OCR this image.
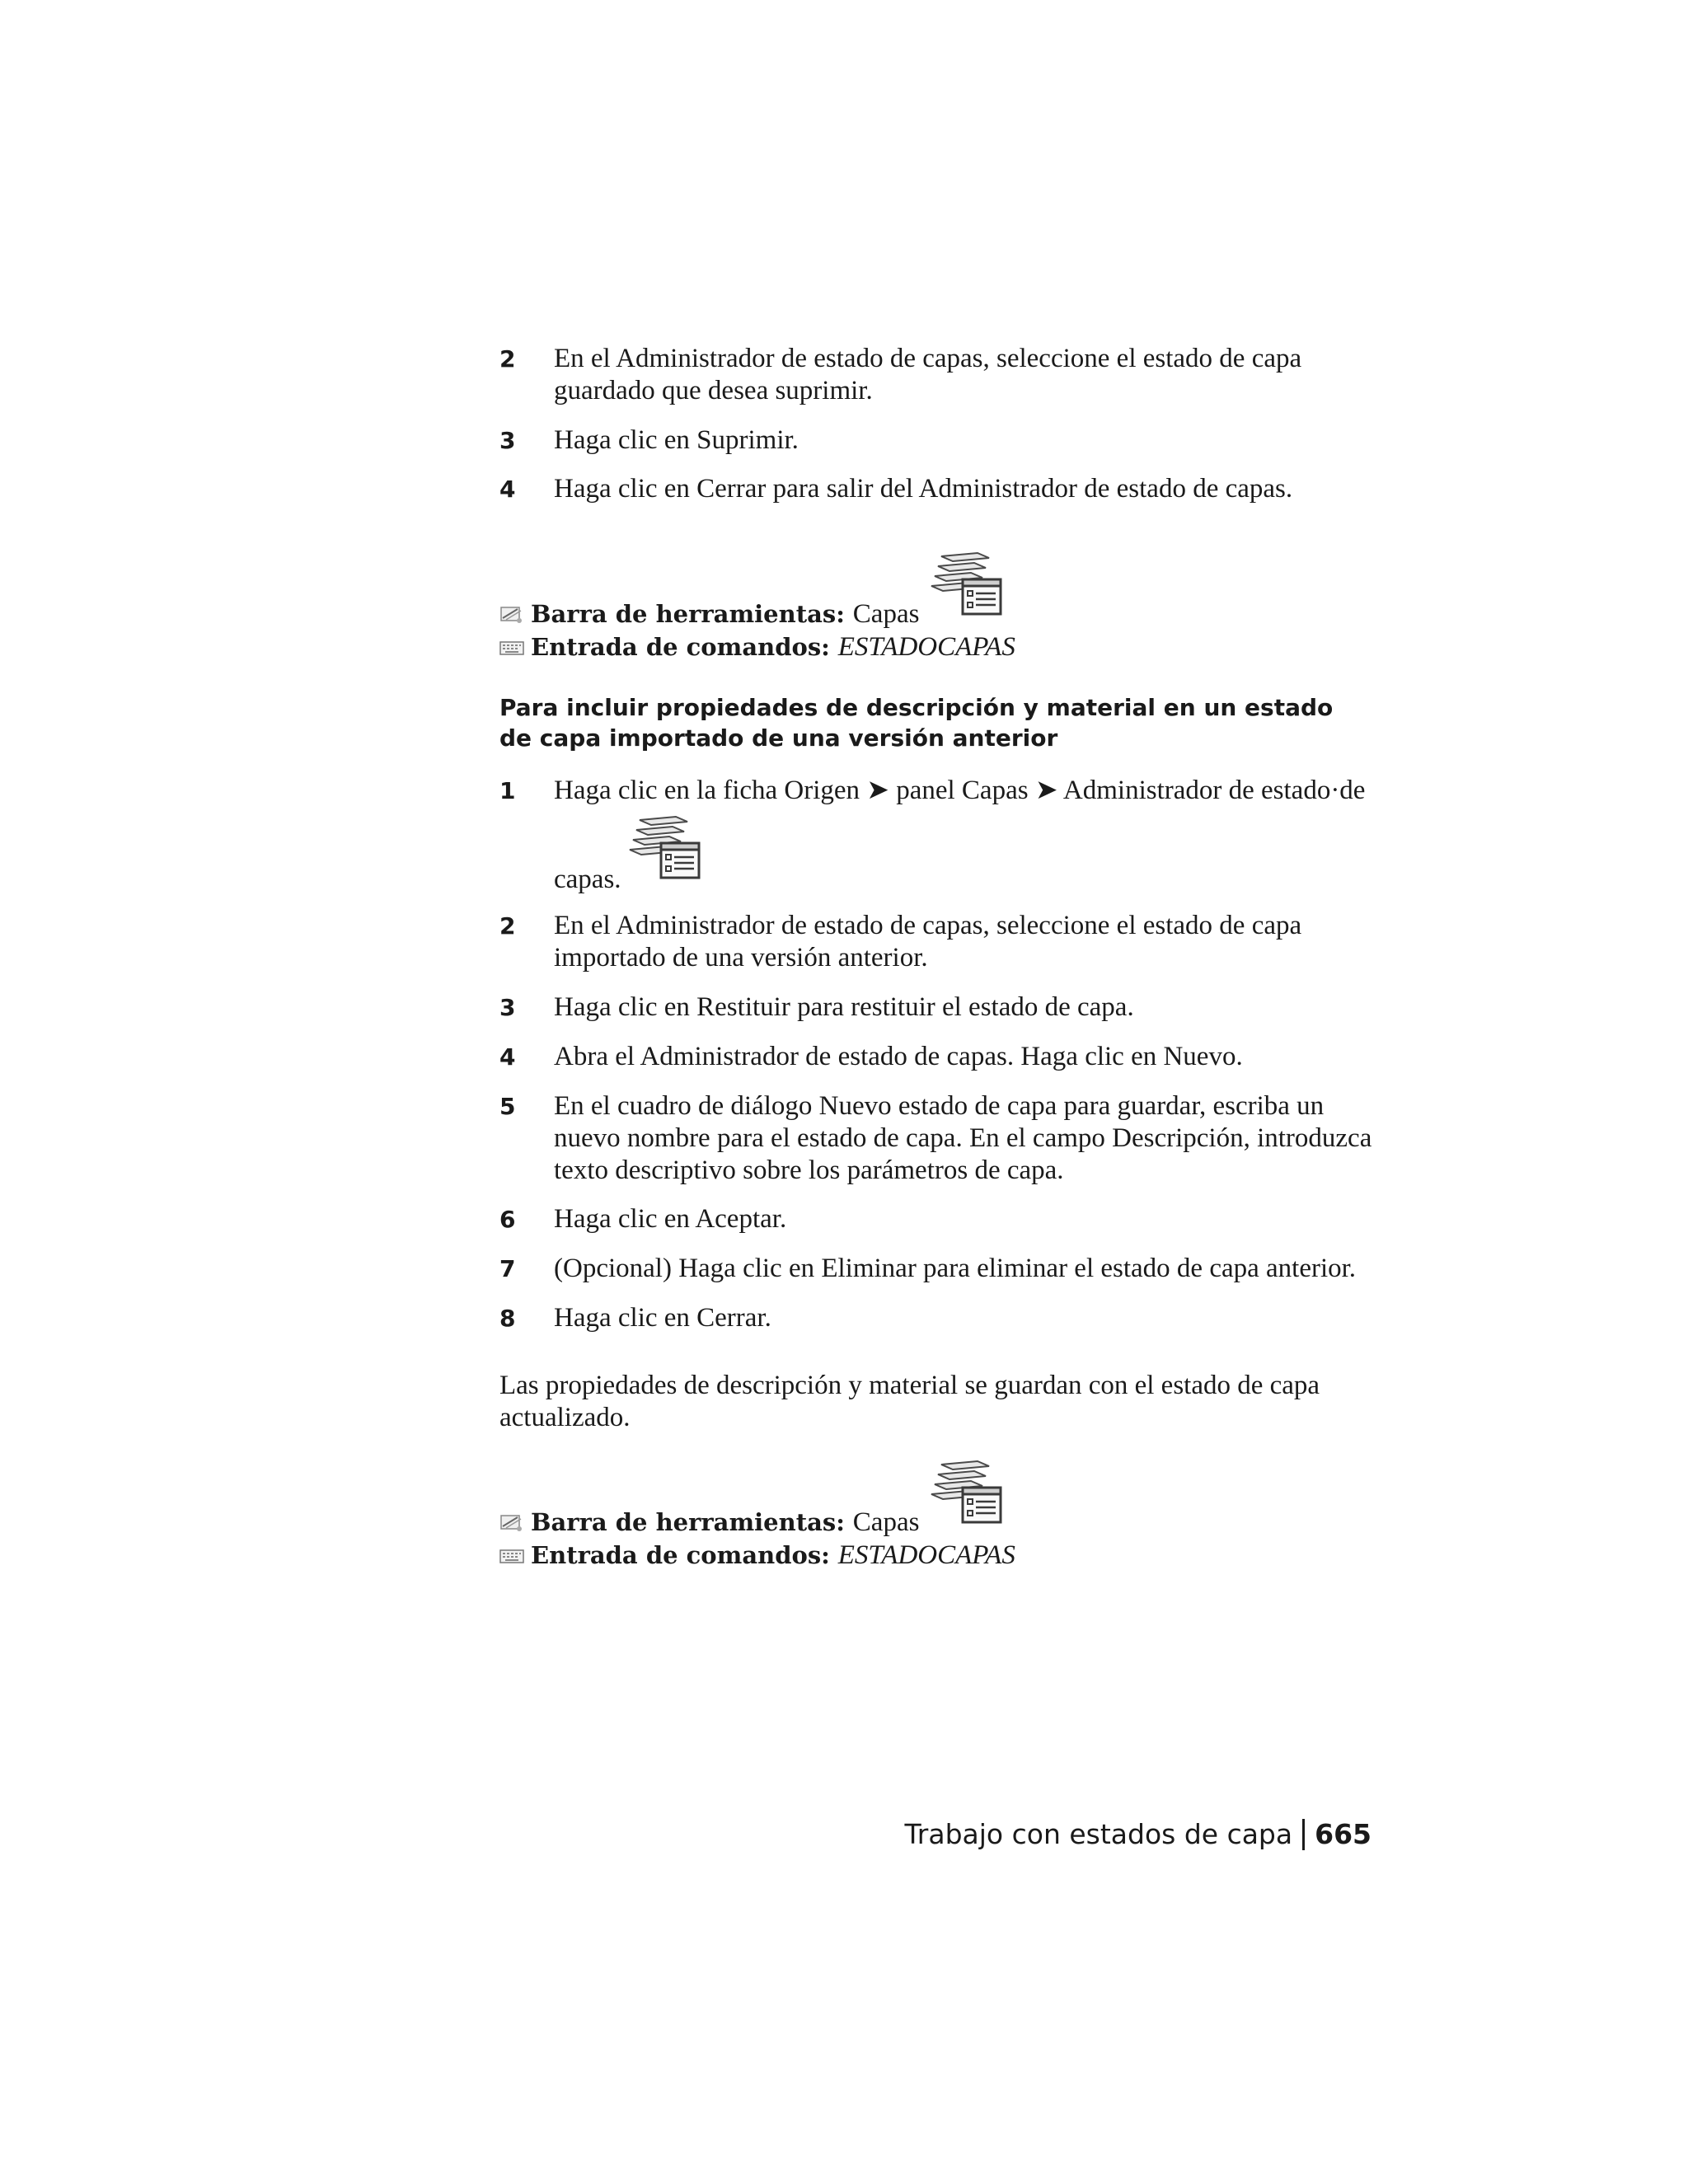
2	En el Administrador de estado de capas, seleccione el estado de capa guardado que desea suprimir.
3	Haga clic en Suprimir.
4	Haga clic en Cerrar para salir del Administrador de estado de capas.
Barra de herramientas: Capas
Entrada de comandos: ESTADOCAPAS
Para incluir propiedades de descripción y material en un estado de capa importado de una versión anterior
1	Haga clic en la ficha Origen ➤ panel Capas ➤ Administrador de estado·de
capas.
2	En el Administrador de estado de capas, seleccione el estado de capa importado de una versión anterior.
3	Haga clic en Restituir para restituir el estado de capa.
4	Abra el Administrador de estado de capas. Haga clic en Nuevo.
5	En el cuadro de diálogo Nuevo estado de capa para guardar, escriba un nuevo nombre para el estado de capa. En el campo Descripción, introduzca texto descriptivo sobre los parámetros de capa.
6	Haga clic en Aceptar.
7	(Opcional) Haga clic en Eliminar para eliminar el estado de capa anterior.
8	Haga clic en Cerrar.
Las propiedades de descripción y material se guardan con el estado de capa actualizado.
Barra de herramientas: Capas
Entrada de comandos: ESTADOCAPAS
Trabajo con estados de capa 665
